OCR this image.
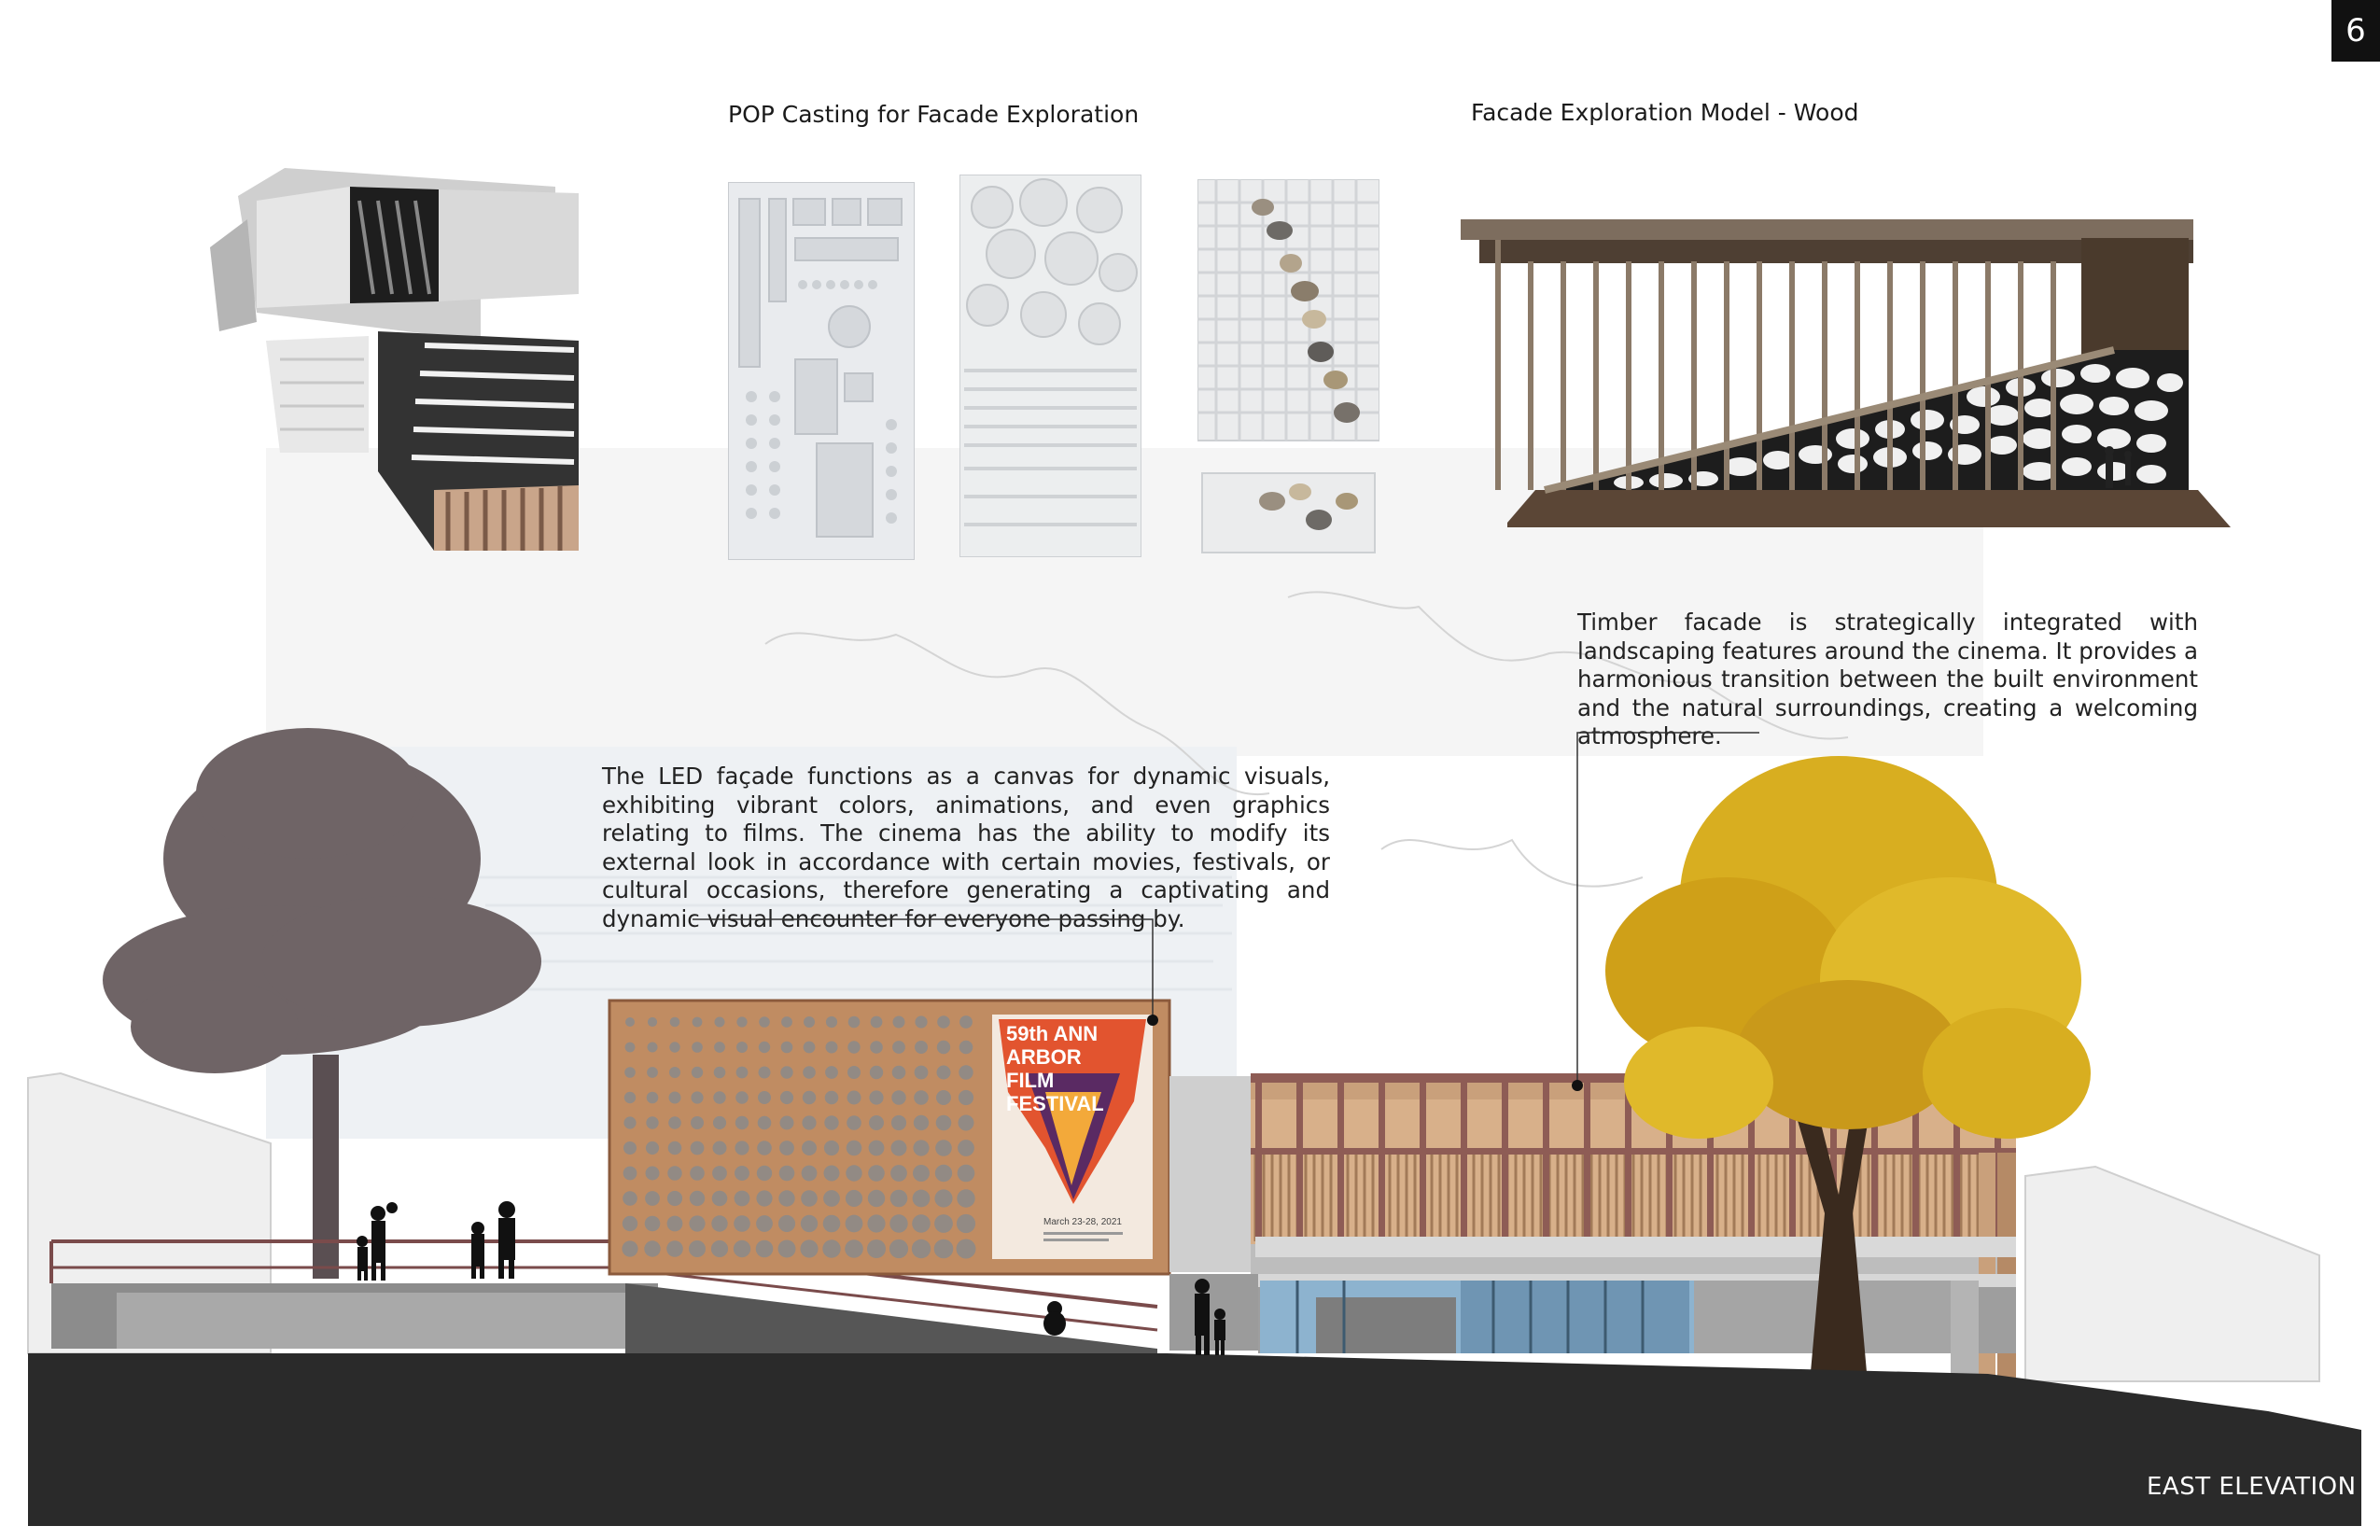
6
POP Casting for Facade Exploration	Facade Exploration Model - Wood
Timber facade is strategically integrated with landscaping features around the cinema. It provides a harmonious transition between the built environment and the natural surroundings, creating a welcoming atmosphere.
The LED façade functions as a canvas for dynamic visuals, exhibiting vibrant colors, animations, and even graphics relating to films. The cinema has the ability to modify its external look in accordance with certain movies, festivals, or cultural occasions, therefore generating a captivating and dynamic visual encounter for everyone passing by.
59th ANN
ARBOR
FILM
FESTIVAL
March 23-28, 2021
EAST ELEVATION
